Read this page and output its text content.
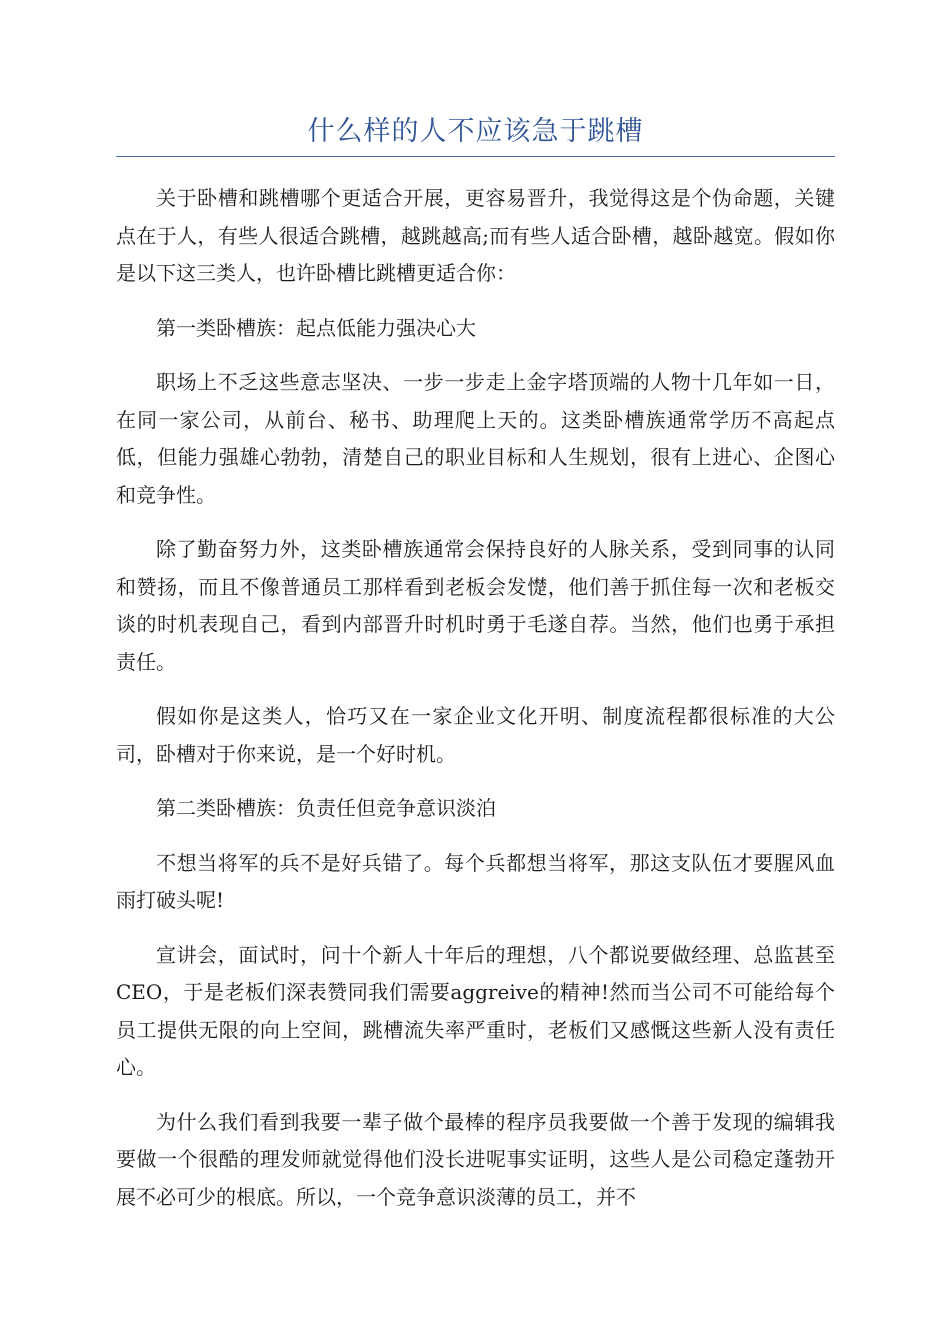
什么样的人不应该急于跳槽

关于卧槽和跳槽哪个更适合开展，更容易晋升，我觉得这是个伪命题，关键点在于人，有些人很适合跳槽，越跳越高;而有些人适合卧槽，越卧越宽。假如你是以下这三类人，也许卧槽比跳槽更适合你：

第一类卧槽族：起点低能力强决心大

职场上不乏这些意志坚决、一步一步走上金字塔顶端的人物十几年如一日，在同一家公司，从前台、秘书、助理爬上天的。这类卧槽族通常学历不高起点低，但能力强雄心勃勃，清楚自己的职业目标和人生规划，很有上进心、企图心和竞争性。

除了勤奋努力外，这类卧槽族通常会保持良好的人脉关系，受到同事的认同和赞扬，而且不像普通员工那样看到老板会发憷，他们善于抓住每一次和老板交谈的时机表现自己，看到内部晋升时机时勇于毛遂自荐。当然，他们也勇于承担责任。

假如你是这类人，恰巧又在一家企业文化开明、制度流程都很标准的大公司，卧槽对于你来说，是一个好时机。

第二类卧槽族：负责任但竞争意识淡泊

不想当将军的兵不是好兵错了。每个兵都想当将军，那这支队伍才要腥风血雨打破头呢!

宣讲会，面试时，问十个新人十年后的理想，八个都说要做经理、总监甚至CEO，于是老板们深表赞同我们需要aggreive的精神!然而当公司不可能给每个员工提供无限的向上空间，跳槽流失率严重时，老板们又感慨这些新人没有责任心。

为什么我们看到我要一辈子做个最棒的程序员我要做一个善于发现的编辑我要做一个很酷的理发师就觉得他们没长进呢事实证明，这些人是公司稳定蓬勃开展不必可少的根底。所以，一个竞争意识淡薄的员工，并不
